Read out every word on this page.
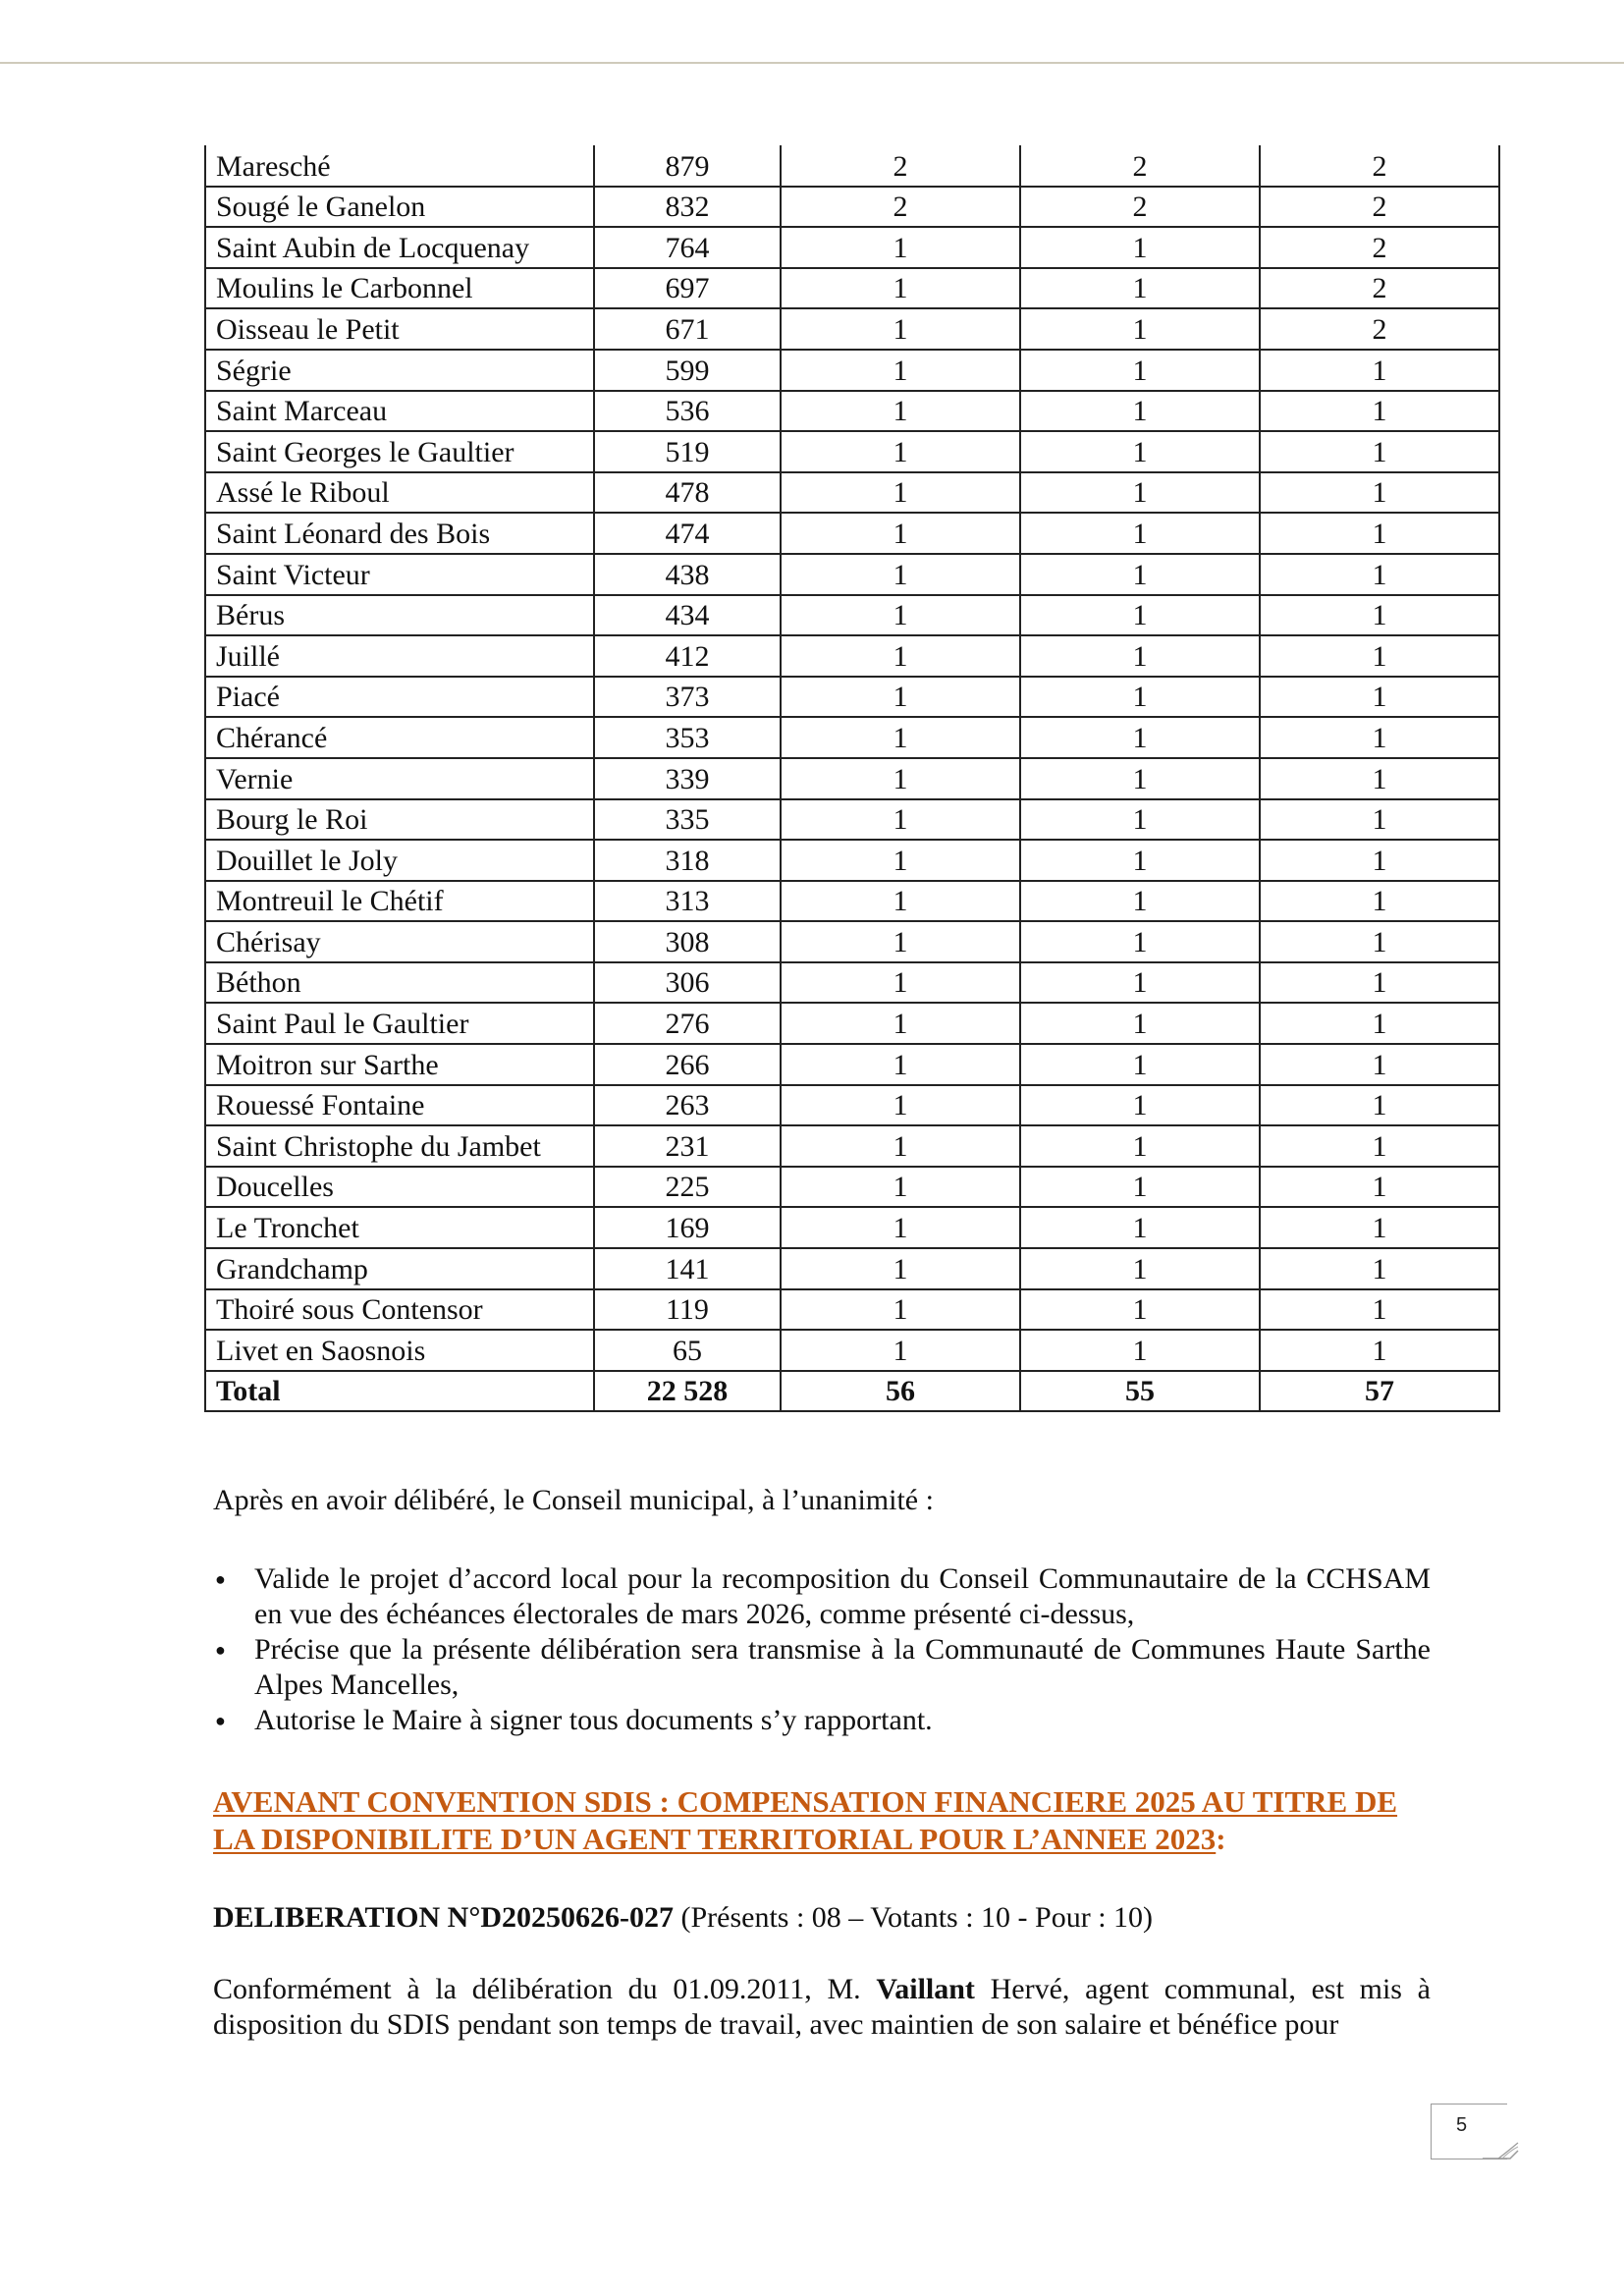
Maresché	879	2	2	2
Sougé le Ganelon	832	2	2	2
Saint Aubin de Locquenay	764	1	1	2
Moulins le Carbonnel	697	1	1	2
Oisseau le Petit	671	1	1	2
Ségrie	599	1	1	1
Saint Marceau	536	1	1	1
Saint Georges le Gaultier	519	1	1	1
Assé le Riboul	478	1	1	1
Saint Léonard des Bois	474	1	1	1
Saint Victeur	438	1	1	1
Bérus	434	1	1	1
Juillé	412	1	1	1
Piacé	373	1	1	1
Chérancé	353	1	1	1
Vernie	339	1	1	1
Bourg le Roi	335	1	1	1
Douillet le Joly	318	1	1	1
Montreuil le Chétif	313	1	1	1
Chérisay	308	1	1	1
Béthon	306	1	1	1
Saint Paul le Gaultier	276	1	1	1
Moitron sur Sarthe	266	1	1	1
Rouessé Fontaine	263	1	1	1
Saint Christophe du Jambet	231	1	1	1
Doucelles	225	1	1	1
Le Tronchet	169	1	1	1
Grandchamp	141	1	1	1
Thoiré sous Contensor	119	1	1	1
Livet en Saosnois	65	1	1	1
Total	22 528	56	55	57
Après en avoir délibéré, le Conseil municipal, à l’unanimité :
● Valide le projet d’accord local pour la recomposition du Conseil Communautaire de la CCHSAM en vue des échéances électorales de mars 2026, comme présenté ci-dessus,
● Précise que la présente délibération sera transmise à la Communauté de Communes Haute Sarthe Alpes Mancelles,
● Autorise le Maire à signer tous documents s’y rapportant.
AVENANT CONVENTION SDIS : COMPENSATION FINANCIERE 2025 AU TITRE DE
LA DISPONIBILITE D’UN AGENT TERRITORIAL POUR L’ANNEE 2023:
DELIBERATION N°D20250626-027 (Présents : 08 – Votants : 10 - Pour : 10)
Conformément à la délibération du 01.09.2011, M. Vaillant Hervé, agent communal, est mis à disposition du SDIS pendant son temps de travail, avec maintien de son salaire et bénéfice pour
5
